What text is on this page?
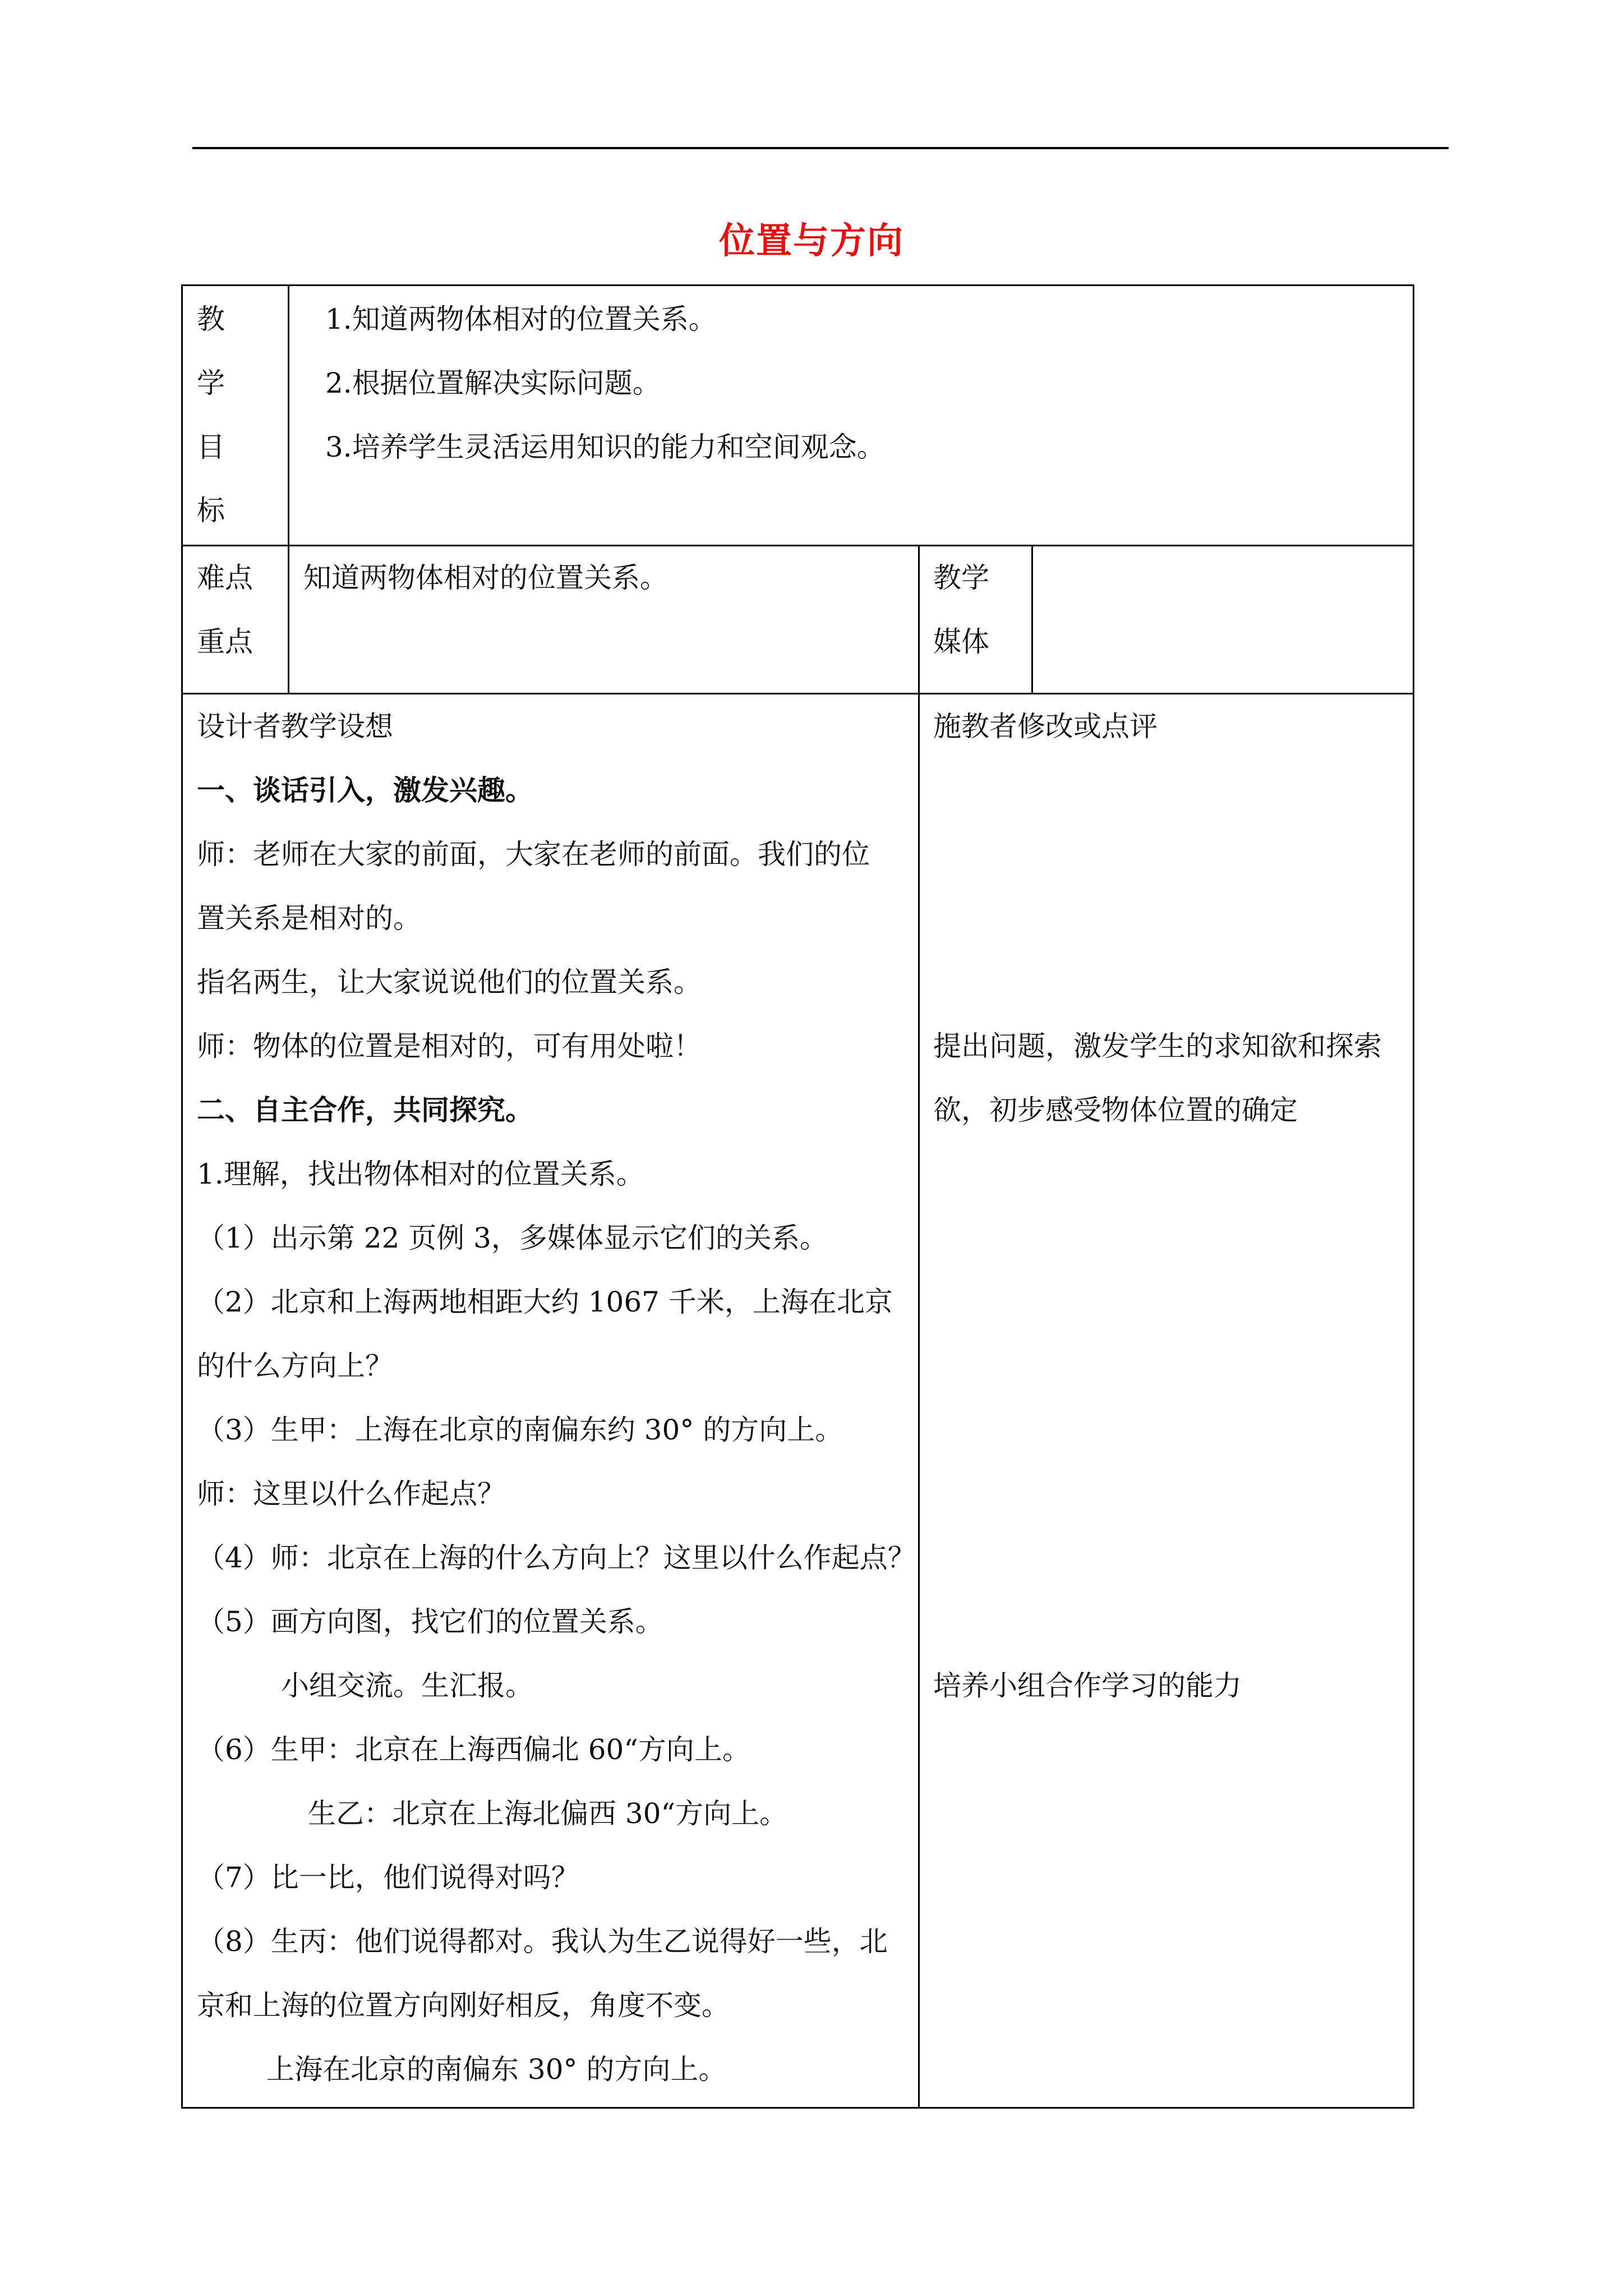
位置与方向
教
学
目
标
1.知道两物体相对的位置关系。
2.根据位置解决实际问题。
3.培养学生灵活运用知识的能力和空间观念。
难点
重点
知道两物体相对的位置关系。	教学
媒体
设计者教学设想
一、谈话引入，激发兴趣。
师：老师在大家的前面，大家在老师的前面。我们的位
置关系是相对的。
指名两生，让大家说说他们的位置关系。
师：物体的位置是相对的，可有用处啦！
二、自主合作，共同探究。
1.理解，找出物体相对的位置关系。
（1）出示第 22 页例 3，多媒体显示它们的关系。
（2）北京和上海两地相距大约 1067 千米，上海在北京
的什么方向上？
（3）生甲：上海在北京的南偏东约 30° 的方向上。
师：这里以什么作起点？
（4）师：北京在上海的什么方向上？这里以什么作起点？
（5）画方向图，找它们的位置关系。
小组交流。生汇报。
（6）生甲：北京在上海西偏北 60“方向上。
生乙：北京在上海北偏西 30“方向上。
（7）比一比，他们说得对吗？
（8）生丙：他们说得都对。我认为生乙说得好一些，北
京和上海的位置方向刚好相反，角度不变。
上海在北京的南偏东 30° 的方向上。
施教者修改或点评
提出问题，激发学生的求知欲和探索
欲，初步感受物体位置的确定
培养小组合作学习的能力
